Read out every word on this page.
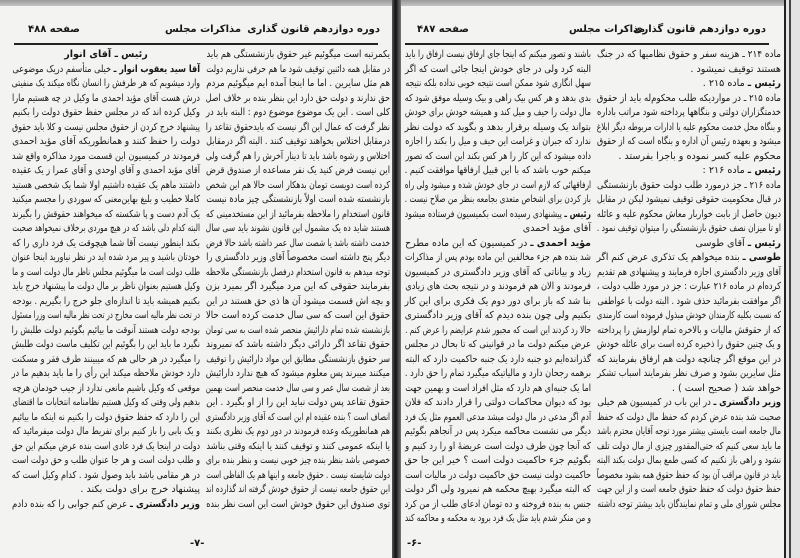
دوره دوازدهم قانون گذاری
مذاکرات مجلس
صفحه ۴۸۸
یکمرتبه است میگوئیم غیر حقوق بازنشستگی هم باید
در مقابل همه دائنین توقیف شود ما هم حرفی نداریم دولت
هم مثل سایرین . اما ما اینجا آمده ایم میگوئیم مردم
حق ندارند و دولت حق دارد این بنظر بنده بر خلاف اصل
کلی است . این یک موضوع موضوع دوم : البته باید در
نظر گرفت که عمال این اگر نیست که بایدحقوق تقاعد را
درمقابل اختلاس بخواهند توقیف کنند . البته اگر درمقابل
اختلاس و رشوه باشد باید تا دینار آخرش را هم گرفت ولی
این نیست فرض کنید یک نفر مساعده از صندوق قرض
کرده است دویست تومان بدهکار است حالا هم این شخص
بازنشسته شده است اولاً بازنشستگی چیز مادة نیست
قانون استخدام را ملاحظه بفرمائید از این مستخدمینی که
هستند شاید ده یک مشمول این قانون نشوند باید سی سال
خدمت داشته باشد یا شصت سال عمر داشته باشد حالا فرض
دیگر پنج داشته است مخصوصاً آقای وزیر دادگستری را
توجه میدهم به قانون استخدام درفصل بازنشستگی ملاحظه
بفرمایند حقوقی که این مرد میگیرد اگر بمیرد بزن
و بچه اش قسمت میشود آن ها ذی حق هستند در این
حقوق این است که سی سال خدمت کرده است حالا
بازنشسته شده تمام دارائیش منحصر شده است به سی تومان
حقوق تقاعد اگر دارائی دیگر داشته باشد که نمیروند
سر حقوق بازنشستگی مطابق این مواد دارائیش را توقیف
میکنند میبرند پس معلوم میشود که هیچ ندارد دارائیش
بعد از شصت سال عمر و سی سال خدمت منحصر است بهمین
حقوق تقاعد پس دولت نباید این را از او بگیرد . این
انصاف است ؟ بنده عقیده ام این است که آقای وزیر دادگستری
هم همانطوریکه وعده فرمودند در دور دوم یک نظری بکنند
یا اینکه عمومی کنند و توقیف کنند یا اینکه وقتی بناشد
خصوصی باشد بنظر بنده چیز خوبی نیست و بنظر بنده برای
دولت شایسته نیست . حقوق جامعه و اینها هم یک الفاظی است
این حقوق جامعه نیست از حقوق خودش گرفته اند گذارده اند
توی صندوق این حقوق خودش است این است نظر بنده
رئیس ـ آقای انوار
آقا سید یعقوب انوار ـ خیلی متأسفم دریک موضوعی
وارد میشویم که هر طرفش را انسان نگاه میکند یک منفیتی
درش هست آقای مؤید احمدی ما وکیل در چه هستیم مارا
وکیل کرده اند که در مجلس حفظ حقوق دولت را بکنیم
پیشنهاد خرج کردن از حقوق مجلس نیست و کلا باید حقوق
دولت را حفظ کنند و همانطوریکه آقای مؤید احمدی
فرمودند در کمیسیون این قسمت مورد مذاکره واقع شد
آقای مؤید احمدی و آقای اوحدی و آقای عمرا ز یک عقیده
داشتند ماهم یک عقیده داشتیم اولا شما یک شخصی هستید
کاملا خطیب و بلیغ بهاین‌معنی که سوردی را مجسم میکنید
یک آدم دست و پا شکسته که میخواهند حقوقش را بگیرند
البته کدام دلی باشد که در هیچ موردی برخلاف نمیخواهد صحبت
بکند اینطور نیست آقا شما هیچوقت یک فرد داری را که
خودتان باشید و پیر مرد شده اید در نظر نیاورید اینجا عنوان
طلب دولت است ما میگوئیم مجلس ناظر مال دولت است و ما
وکیل هستیم بعنوان ناظر بر مال دولت ما پیشنهاد خرج باید
بکنیم همیشه باید تا اندازه‌ای جلو خرج را بگیریم . بودجه
در تحت نظر مالیه است مخارج در تحت نظر مالیه است وزرا مسئول
بودجه دولت هستند آنوقت ما بیائیم بگوئیم دولت طلبش را
نگیرد ما باید این را بگوئیم این تکلیف ماست دولت طلبش
را میگیرد در هر حالی هم که میبینند طرف فقر و مسکنت
دارد خودش ملاحظه میکند این رأی را ما باید بدهیم ما در
موقعی که وکیل باشیم مانعی ندارد از جیب خودمان هرچه
بدهیم ولی وقتی که وکیل هستیم نظامنامه انتخابات ما اقتضای
این را دارد که حفظ حقوق دولت را بکنیم نه اینکه ما بیائیم
و یک بابی را باز کنیم برای تفریط مال دولت میفرمائید که
دولت در اینجا یک فرد عادی است بنده عرض میکنم این حق
و طلب دولت است و هر جا عنوان طلب و حق دولت است
در هر مقامی باشد باید وصول شود . کدام وکیل است که
پیشنهاد خرج برای دولت بکند .
وزیر دادگستری ـ عرض کنم جوابی را که بنده دادم
-۷-
دوره دوازدهم قانون گذاری
مذاکرات مجلس
صفحه ۴۸۷
ماده ۲۱۴ ـ هزینه سفر و حقوق نظامیها که در جنگ
هستند توقیف نمیشود .
رئیس ـ ماده ۲۱۵ .
ماده ۲۱۵ ـ در مواردیکه طلب محکوم‌له باید از حقوق
خدمتگزاران دولتی و بنگاهها پرداخته شود مراتب باداره
و بنگاه محل خدمت محکوم علیه یا ادارات مربوطه دیگر ابلاغ
میشود و بعهده رئیس آن اداره و بنگاه است که از حقوق
محکوم علیه کسر نموده و باجرا بفرستد .
رئیس ـ ماده ۲۱۶ :
ماده ۲۱۶ ـ جز درمورد طلب دولت حقوق بازنشستگی
در قبال محکومیت حقوقی توقیف نمیشود لیکن در مقابل
دیون حاصل از بابت خواربار معاش محکوم علیه و عائله
او تا میزان نصف حقوق بازنشستگی را میتوان توقیف نمود .
رئیس ـ آقای طوسی
طوسی ـ بنده میخواهم یک تذکری عرض کنم اگر
آقای وزیر دادگستری اجازه فرمایند و پیشنهادی هم تقدیم
کرده‌ام در ماده ۲۱۶ عبارت : جز در مورد طلب دولت ،
اگر موافقت بفرمائید حذف شود . البته دولت با عواطفی
که نسبت بکلیه کارمندان خودش مبذول فرموده است کارمندی
که از حقوقش مالیات و بالاخره تمام لوازمش را پرداخته
و یک چنین حقوق را ذخیره کرده است برای عائله خودش
در این موقع اگر چنانچه دولت هم ارفاق بفرمایند که
مثل سایرین بشود و صرف نظر بفرمایند اسباب تشکر
خواهد شد ( صحیح است ) .
وزیر دادگستری ـ در این باب در کمیسیون هم خیلی
صحبت شد بنده عرض کردم که حفظ مال دولت که حفظ
مال جامعه است بایستی بیشتر مورد توجه آقایان محترم باشد
ما باید سعی کنیم که حتی‌المقدور چیزی از مال دولت تلف
نشود و راهی باز نکنیم که کسی طمع بمال دولت بکند البته
باید در قانون مراقب آن بود که حفظ حقوق همه بشود مخصوصاً
حفظ حقوق دولت که حفظ حقوق جامعه است و از این جهت
مجلس شورای ملی و تمام نمایندگان باید بیشتر توجه داشته
باشند و تصور میکنم که اینجا جای ارفاق نیست ارفاق را باید
البته کرد ولی در جای خودش اینجا جائی است که اگر
سهل انگاری شود ممکن است نتیجه خوبی نداده بلکه نتیجه
بدی بدهد و هر کس بیک راهی و بیک وسیله موفق شود که
مال دولت را حیف و میل کند و همیشه خودش برای خودش
بتواند یک وسیله برقرار بدهد و بگوید که دولت نظر
ندارد که جبران و غرامت این حیف و میل را بکند را اجازه
داده میشود که این کار را هر کس بکند این است که تصور
میکنم خوب باشد که با این قبیل ارفاقها موافقت کنیم .
ارفاقهائی که لازم است در جای خودش شده و میشود ولی راه
باز کردن برای اشخاص متعدی بجامعه بنظر من صلاح نیست .
رئیس ـ پیشنهادی رسیده است بکمیسیون فرستاده میشود
آقای مؤید احمدی
مؤید احمدی ـ در کمیسیون که این ماده مطرح
شد بنده هم جزء مخالفین این ماده بودم پس از مذاکرات
زیاد و بیاناتی که آقای وزیر دادگستری در کمیسیون
فرمودند و الان هم فرمودند و در نتیجه بحث های زیادی
بنا شد که باز برای دور دوم یک فکری برای این کار
بکنیم ولی چون بنده دیدم که آقای وزیر دادگستری
حالا رد کردند این است که مجبور شدم عرایضم را عرض کنم .
عرض میکنم دولت ما در قوانینی که تا بحال در مجلس
گذرانده‌ایم دو جنبه دارد یک جنبه حاکمیت دارد که البته
برهمه رجحان دارد و مالیاتیکه میگیرد تمام را حق دارد .
اما یک جنبه‌ای هم دارد که مثل افراد است و بهمین جهت
بود که دیوان محاکمات دولتی را قرار دادند که فلان
آدم اگر مدعی در مال دولت میشد مدعی العموم مثل یک فرد
دیگر می نشست محاکمه میکرد پس در آنجاهم بگوئیم
که آنجا چون طرف دولت است عریضهٔ او را رد کنیم و
بگوئیم جزء حاکمیت دولت است ؟ خیر این جا حق
حاکمیت دولت نیست حق حاکمیت دولت در مالیات است
که البته میگیرد بهیچ محکمه هم نمیرود ولی اگر دولت
جنس به بنده فروخته و ده تومان ادعای طلب از من کرد
و من منکر شدم باید مثل یک فرد برود به محکمه و محاکمه کند
-۶-
